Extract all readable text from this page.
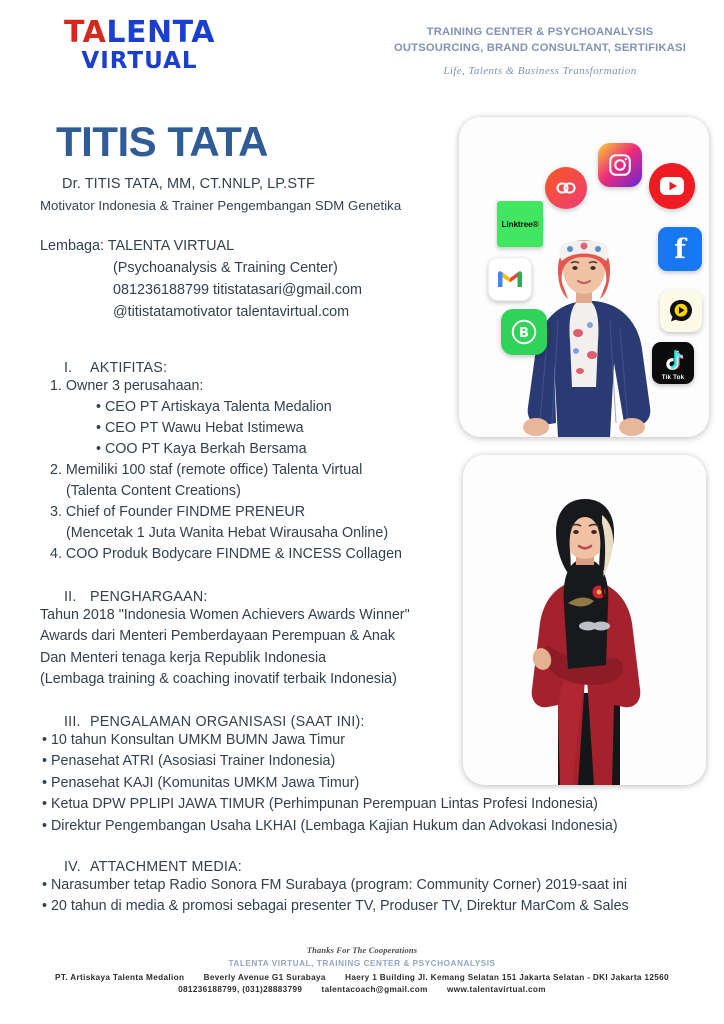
TALENTA
VIRTUAL
TRAINING CENTER & PSYCHOANALYSIS
OUTSOURCING, BRAND CONSULTANT, SERTIFIKASI
Life, Talents & Business Transformation
TITIS TATA
Dr. TITIS TATA, MM, CT.NNLP, LP.STF
Motivator Indonesia & Trainer Pengembangan SDM Genetika
Lembaga: TALENTA VIRTUAL
(Psychoanalysis & Training Center)
081236188799 titistatasari@gmail.com
@titistatamotivator talentavirtual.com
I. AKTIFITAS:
1. Owner 3 perusahaan:
• CEO PT Artiskaya Talenta Medalion
• CEO PT Wawu Hebat Istimewa
• COO PT Kaya Berkah Bersama
2. Memiliki 100 staf (remote office) Talenta Virtual
(Talenta Content Creations)
3. Chief of Founder FINDME PRENEUR
(Mencetak 1 Juta Wanita Hebat Wirausaha Online)
4. COO Produk Bodycare FINDME & INCESS Collagen
II. PENGHARGAAN:
Tahun 2018 "Indonesia Women Achievers Awards Winner"
Awards dari Menteri Pemberdayaan Perempuan & Anak
Dan Menteri tenaga kerja Republik Indonesia
(Lembaga training & coaching inovatif terbaik Indonesia)
III. PENGALAMAN ORGANISASI (SAAT INI):
• 10 tahun Konsultan UMKM BUMN Jawa Timur
• Penasehat ATRI (Asosiasi Trainer Indonesia)
• Penasehat KAJI (Komunitas UMKM Jawa Timur)
• Ketua DPW PPLIPI JAWA TIMUR (Perhimpunan Perempuan Lintas Profesi Indonesia)
• Direktur Pengembangan Usaha LKHAI (Lembaga Kajian Hukum dan Advokasi Indonesia)
IV. ATTACHMENT MEDIA:
• Narasumber tetap Radio Sonora FM Surabaya (program: Community Corner) 2019-saat ini
• 20 tahun di media & promosi sebagai presenter TV, Produser TV, Direktur MarCom & Sales
Linktree®
f
B
Tik Tok
Thanks For The Cooperations
TALENTA VIRTUAL, TRAINING CENTER & PSYCHOANALYSIS
PT. Artiskaya Talenta Medalion Beverly Avenue G1 Surabaya Haery 1 Building Jl. Kemang Selatan 151 Jakarta Selatan - DKI Jakarta 12560
081236188799, (031)28883799 talentacoach@gmail.com www.talentavirtual.com
